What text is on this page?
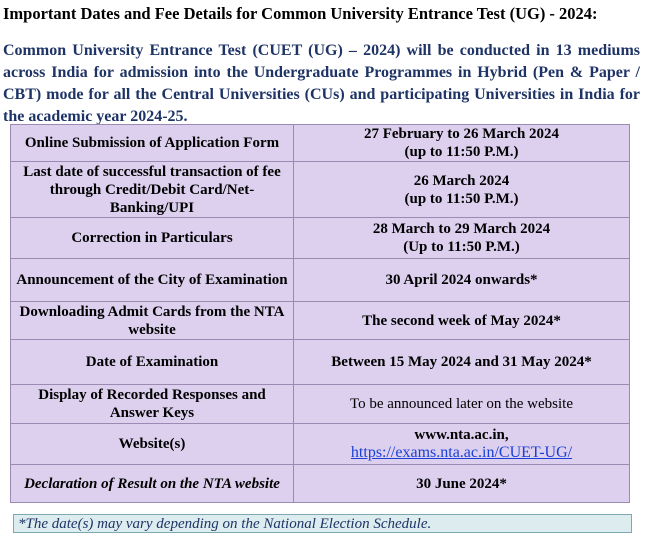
Important Dates and Fee Details for Common University Entrance Test (UG) - 2024:
Common University Entrance Test (CUET (UG) – 2024) will be conducted in 13 mediums across India for admission into the Undergraduate Programmes in Hybrid (Pen & Paper / CBT) mode for all the Central Universities (CUs) and participating Universities in India for the academic year 2024-25.
Online Submission of Application Form	27 February to 26 March 2024
(up to 11:50 P.M.)

Last date of successful transaction of fee through Credit/Debit Card/Net-Banking/UPI	26 March 2024
(up to 11:50 P.M.)

Correction in Particulars	28 March to 29 March 2024
(Up to 11:50 P.M.)

Announcement of the City of Examination	30 April 2024 onwards*
Downloading Admit Cards from the NTA website	The second week of May 2024*
Date of Examination	Between 15 May 2024 and 31 May 2024*
Display of Recorded Responses and Answer Keys	To be announced later on the website
Website(s)	www.nta.ac.in,
https://exams.nta.ac.in/CUET-UG/

Declaration of Result on the NTA website	30 June 2024*
*The date(s) may vary depending on the National Election Schedule.
